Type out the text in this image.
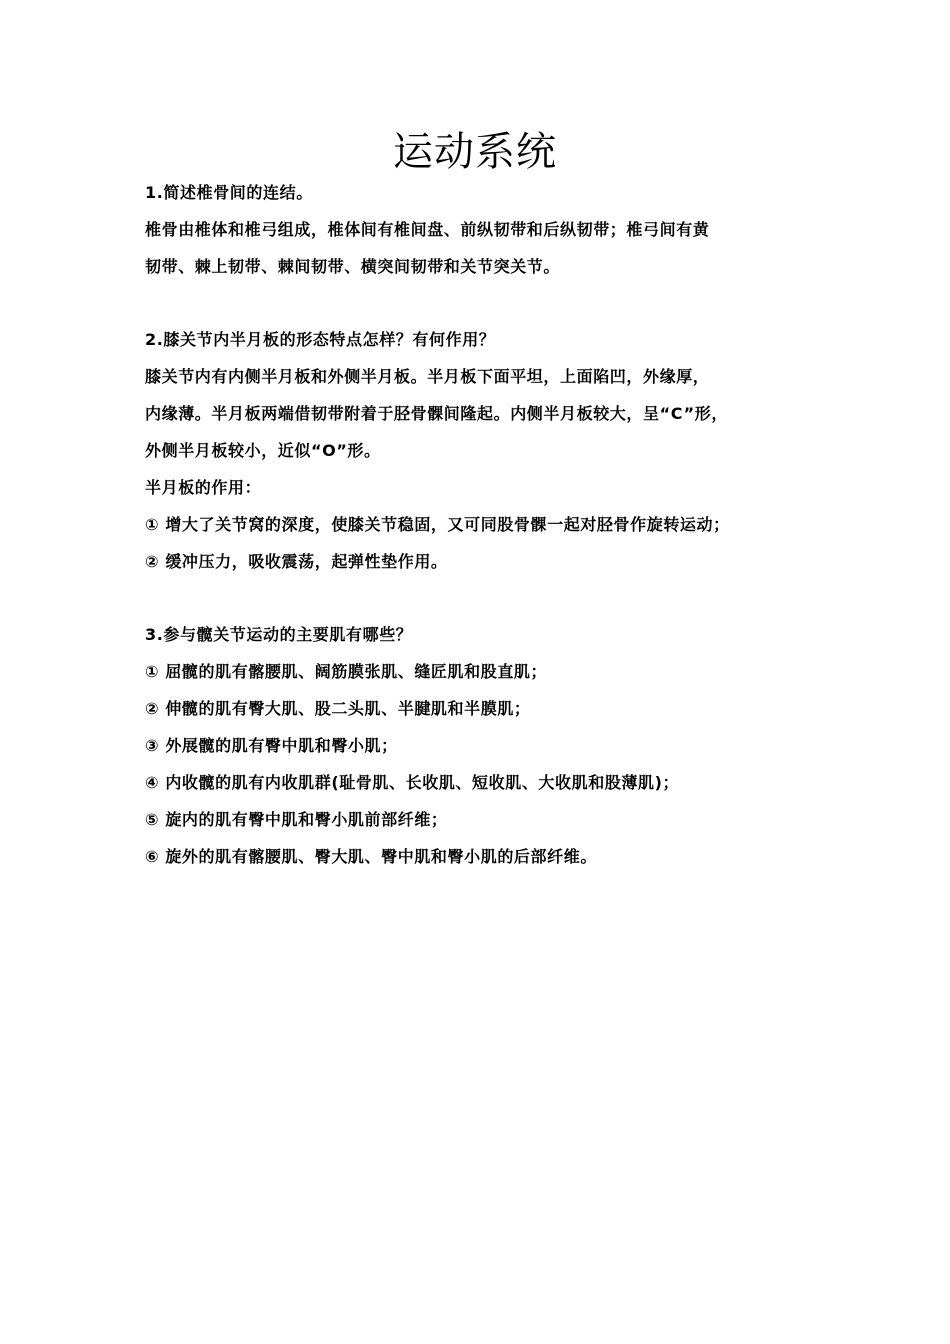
运动系统
1.简述椎骨间的连结。
椎骨由椎体和椎弓组成，椎体间有椎间盘、前纵韧带和后纵韧带；椎弓间有黄
韧带、棘上韧带、棘间韧带、横突间韧带和关节突关节。
2.膝关节内半月板的形态特点怎样？有何作用？
膝关节内有内侧半月板和外侧半月板。半月板下面平坦，上面陷凹，外缘厚，
内缘薄。半月板两端借韧带附着于胫骨髁间隆起。内侧半月板较大，呈“C”形，
外侧半月板较小，近似“O”形。
半月板的作用：
① 增大了关节窝的深度，使膝关节稳固，又可同股骨髁一起对胫骨作旋转运动；
② 缓冲压力，吸收震荡，起弹性垫作用。
3.参与髋关节运动的主要肌有哪些？
① 屈髋的肌有髂腰肌、阔筋膜张肌、缝匠肌和股直肌；
② 伸髋的肌有臀大肌、股二头肌、半腱肌和半膜肌；
③ 外展髋的肌有臀中肌和臀小肌；
④ 内收髋的肌有内收肌群(耻骨肌、长收肌、短收肌、大收肌和股薄肌)；
⑤ 旋内的肌有臀中肌和臀小肌前部纤维；
⑥ 旋外的肌有髂腰肌、臀大肌、臀中肌和臀小肌的后部纤维。
